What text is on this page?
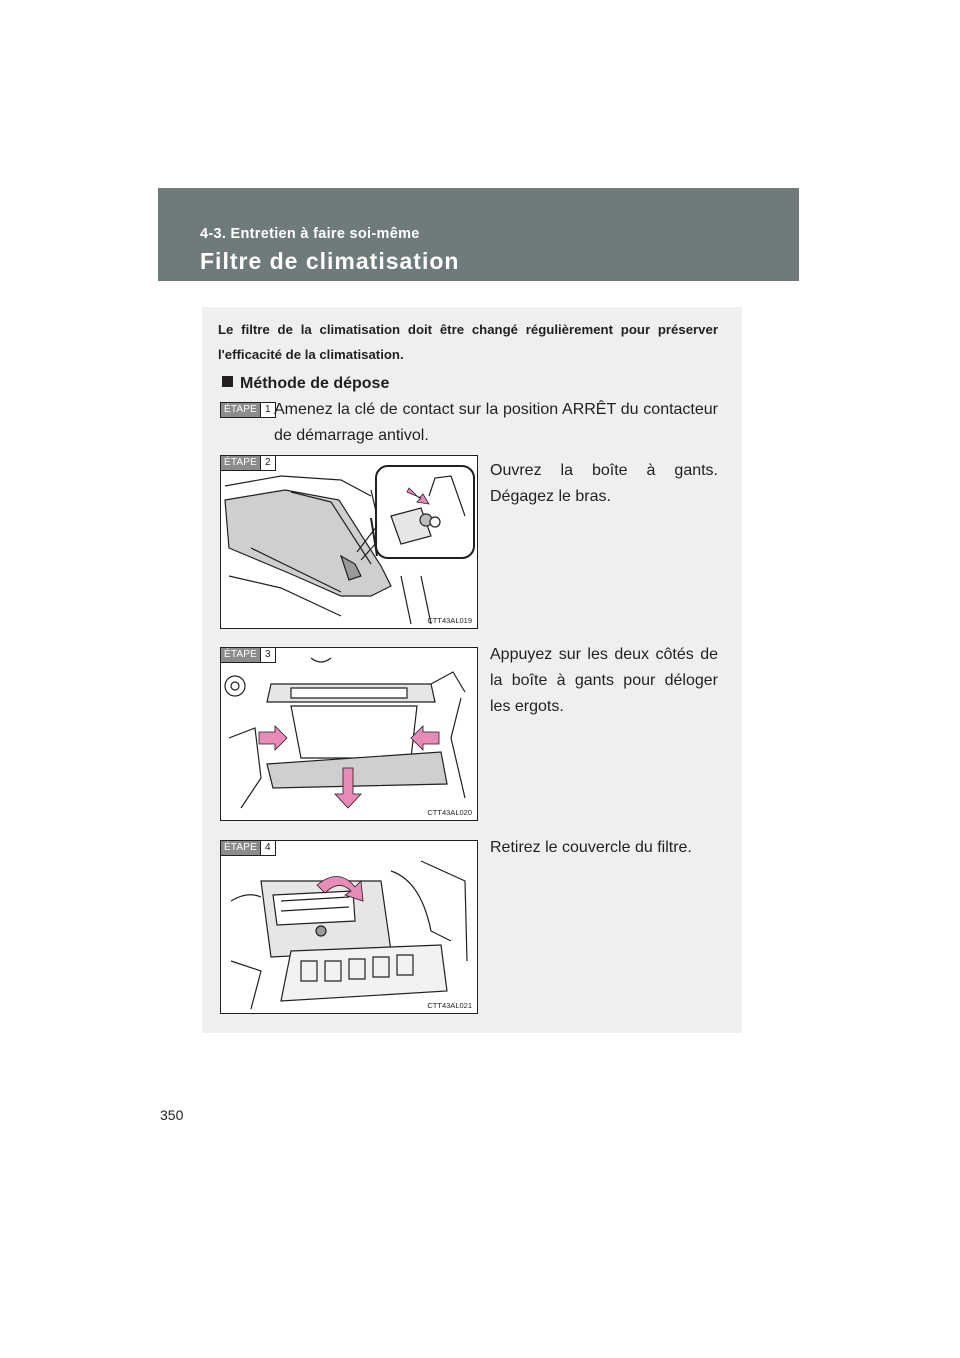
4-3. Entretien à faire soi-même
Filtre de climatisation
Le filtre de la climatisation doit être changé régulièrement pour préserver l'efficacité de la climatisation.
Méthode de dépose
ÉTAPE 1 Amenez la clé de contact sur la position ARRÊT du contacteur de démarrage antivol.
ÉTAPE 2
CTT43AL019
Ouvrez la boîte à gants. Dégagez le bras.
ÉTAPE 3
CTT43AL020
Appuyez sur les deux côtés de la boîte à gants pour déloger les ergots.
ÉTAPE 4
CTT43AL021
Retirez le couvercle du filtre.
350
